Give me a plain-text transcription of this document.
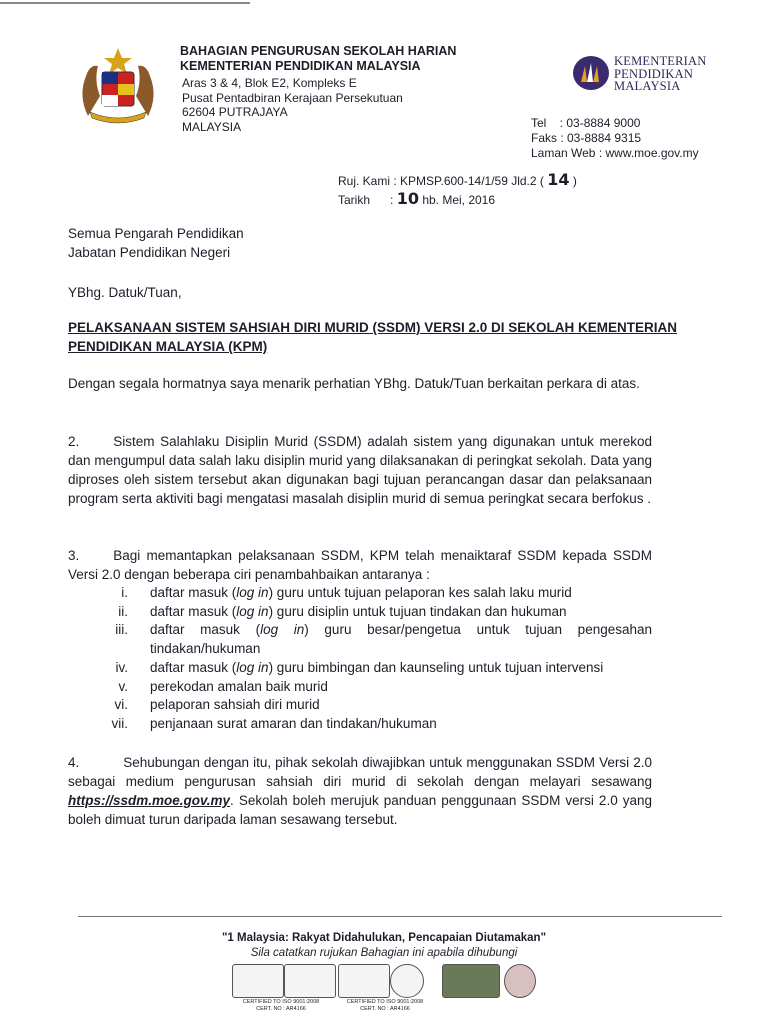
BAHAGIAN PENGURUSAN SEKOLAH HARIAN
KEMENTERIAN PENDIDIKAN MALAYSIA
Aras 3 & 4, Blok E2, Kompleks E
Pusat Pentadbiran Kerajaan Persekutuan
62604 PUTRAJAYA
MALAYSIA
KEMENTERIAN
PENDIDIKAN
MALAYSIA
Tel    : 03-8884 9000
Faks : 03-8884 9315
Laman Web : www.moe.gov.my
Ruj. Kami : KPMSP.600-14/1/59 Jld.2 ( 14 )
Tarikh      : 10 hb. Mei, 2016
Semua Pengarah Pendidikan
Jabatan Pendidikan Negeri
YBhg. Datuk/Tuan,
PELAKSANAAN SISTEM SAHSIAH DIRI MURID (SSDM) VERSI 2.0 DI SEKOLAH KEMENTERIAN PENDIDIKAN MALAYSIA (KPM)

Dengan segala hormatnya saya menarik perhatian YBhg. Datuk/Tuan berkaitan perkara di atas.

2.	Sistem Salahlaku Disiplin Murid (SSDM) adalah sistem yang digunakan untuk merekod dan mengumpul data salah laku disiplin murid yang dilaksanakan di peringkat sekolah. Data yang diproses oleh sistem tersebut akan digunakan bagi tujuan perancangan dasar dan pelaksanaan program serta aktiviti bagi mengatasi masalah disiplin murid di semua peringkat secara berfokus .

3.	Bagi memantapkan pelaksanaan SSDM, KPM telah menaiktaraf SSDM kepada SSDM Versi 2.0 dengan beberapa ciri penambahbaikan antaranya :

i.	daftar masuk (log in) guru untuk tujuan pelaporan kes salah laku murid
ii.	daftar masuk (log in) guru disiplin untuk tujuan tindakan dan hukuman
iii.	daftar masuk (log in) guru besar/pengetua untuk tujuan pengesahan tindakan/hukuman
iv.	daftar masuk (log in) guru bimbingan dan kaunseling untuk tujuan intervensi
v.	perekodan amalan baik murid
vi.	pelaporan sahsiah diri murid
vii.	penjanaan surat amaran dan tindakan/hukuman

4.	Sehubungan dengan itu, pihak sekolah diwajibkan untuk menggunakan SSDM Versi 2.0 sebagai medium pengurusan sahsiah diri murid di sekolah dengan melayari sesawang https://ssdm.moe.gov.my. Sekolah boleh merujuk panduan penggunaan SSDM versi 2.0 yang boleh dimuat turun daripada laman sesawang tersebut.

"1 Malaysia: Rakyat Didahulukan, Pencapaian Diutamakan"
Sila catatkan rujukan Bahagian ini apabila dihubungi
CERTIFIED TO ISO 9001:2008
CERT. NO : AR4166
CERTIFIED TO ISO 9001:2008
CERT. NO : AR4166
